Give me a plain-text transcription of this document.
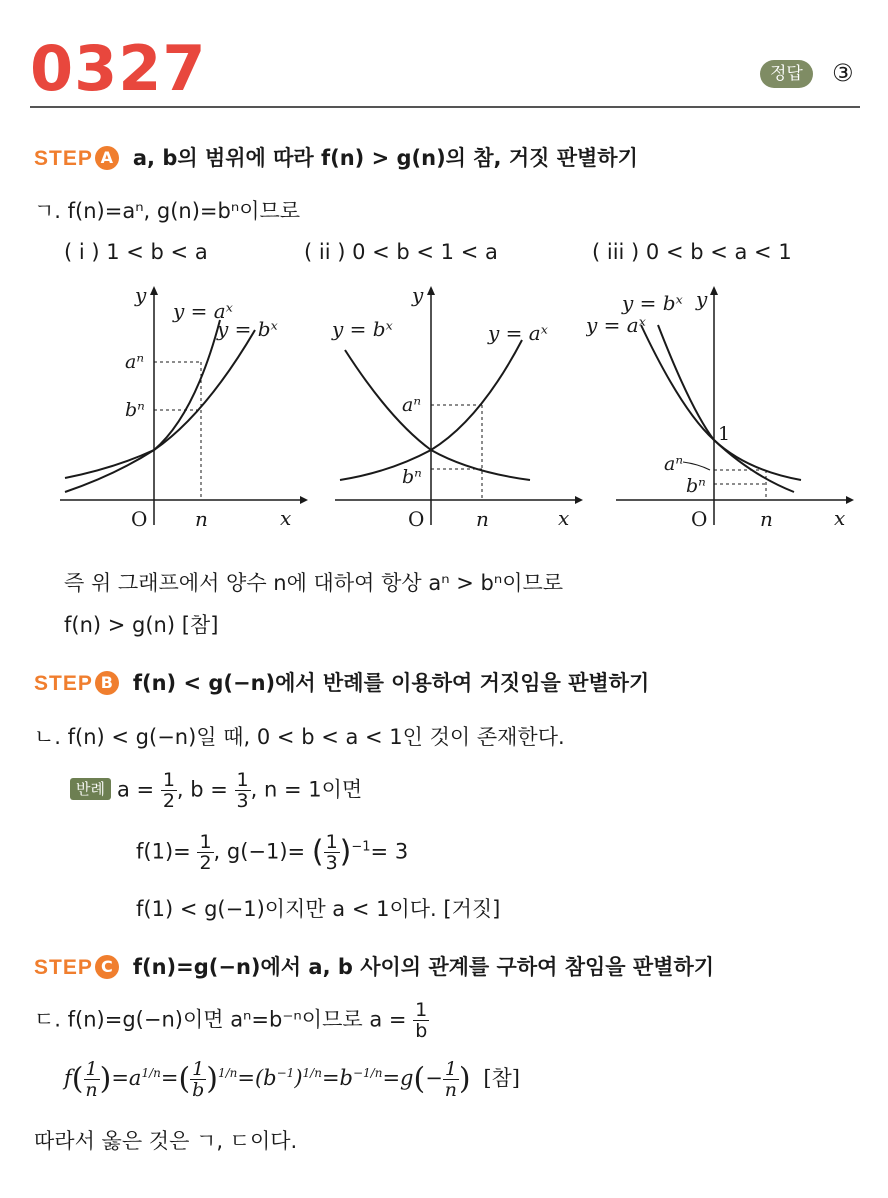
0327	정답	③
STEP A a, b의 범위에 따라 f(n) > g(n)의 참, 거짓 판별하기
ㄱ. f(n)=aⁿ, g(n)=bⁿ이므로
( i ) 1 < b < a	( ii ) 0 < b < 1 < a	( iii ) 0 < b < a < 1
y
x
O n
y = aˣ
y = bˣ
aⁿ
bⁿ
y
x
O	n
y = bˣ	y = aˣ
aⁿ
bⁿ
y
x
O	n
y = bˣ
y = aˣ
aⁿ
bⁿ
1
즉 위 그래프에서 양수 n에 대하여 항상 aⁿ > bⁿ이므로
f(n) > g(n) [참]
STEP B f(n) < g(−n)에서 반례를 이용하여 거짓임을 판별하기
ㄴ. f(n) < g(−n)일 때, 0 < b < a < 1인 것이 존재한다.
반례 $a = \frac{1}{2}$ , $b = \frac{1}{3}$ , n = 1이면
$f(1)= \frac{1}{2}$ , g(−1)= ( $\frac{1}{3} )^{-1}= 3$
f(1) < g(−1)이지만 a < 1이다. [거짓]
STEP C f(n)=g(−n)에서 a, b 사이의 관계를 구하여 참임을 판별하기
ㄷ. f(n)=g(−n)이면 aⁿ=b⁻ⁿ이므로 $a = \frac{1}{b}$
$f( \frac{1}{n} )=a^{1/n}=( \frac{1}{b} )^{1/n}=(b^{-1})^{1/n}=b^{-1/n}=g(- \frac{1}{n}$ ) [참]
따라서 옳은 것은 ㄱ, ㄷ이다.
